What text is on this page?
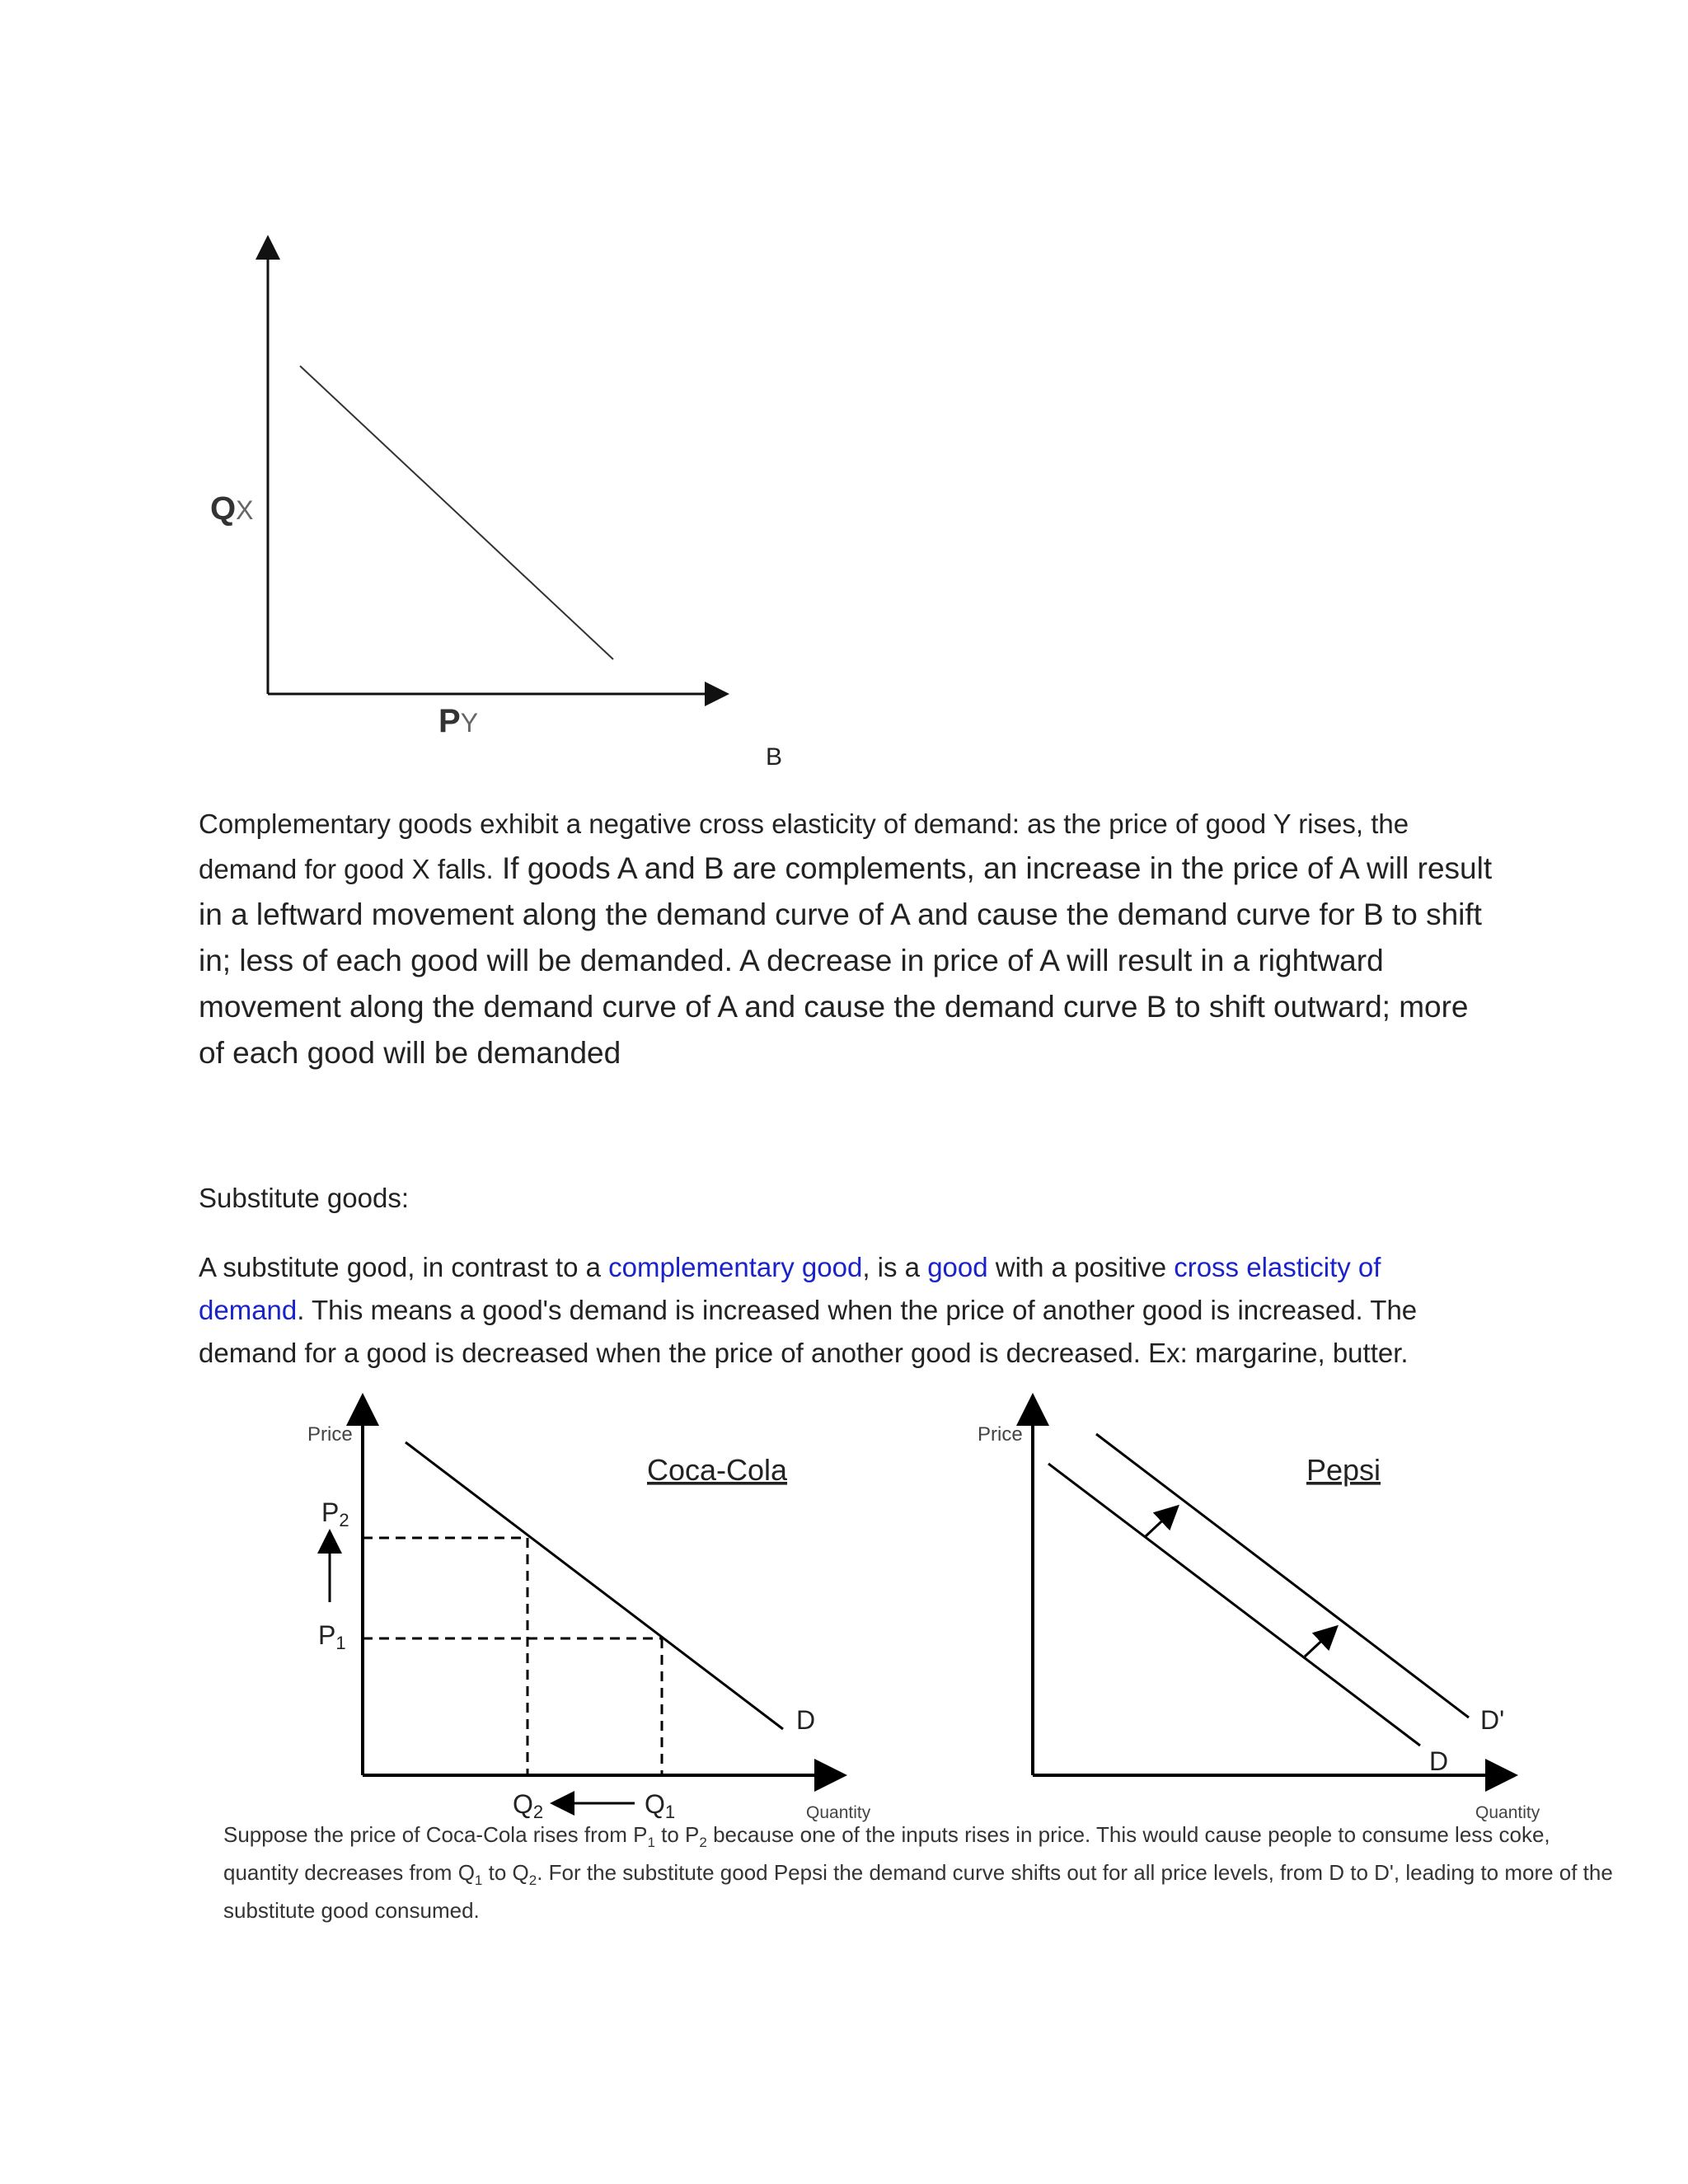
QX
PY
B
Complementary goods exhibit a negative cross elasticity of demand: as the price of good Y rises, the demand for good X falls. If goods A and B are complements, an increase in the price of A will result in a leftward movement along the demand curve of A and cause the demand curve for B to shift in; less of each good will be demanded. A decrease in price of A will result in a rightward movement along the demand curve of A and cause the demand curve B to shift outward; more of each good will be demanded
Substitute goods:
A substitute good, in contrast to a complementary good, is a good with a positive cross elasticity of demand. This means a good's demand is increased when the price of another good is increased. The demand for a good is decreased when the price of another good is decreased. Ex: margarine, butter.
Price
Coca-Cola
P2
P1
Q2	Q1
D
Quantity
Price
Pepsi
D
D'
Quantity
Suppose the price of Coca-Cola rises from $P_1$ to $P_2$ because one of the inputs rises in price. This would cause people to consume less coke, quantity decreases from $Q_1$ to $Q_2$. For the substitute good Pepsi the demand curve shifts out for all price levels, from D to D', leading to more of the substitute good consumed.
